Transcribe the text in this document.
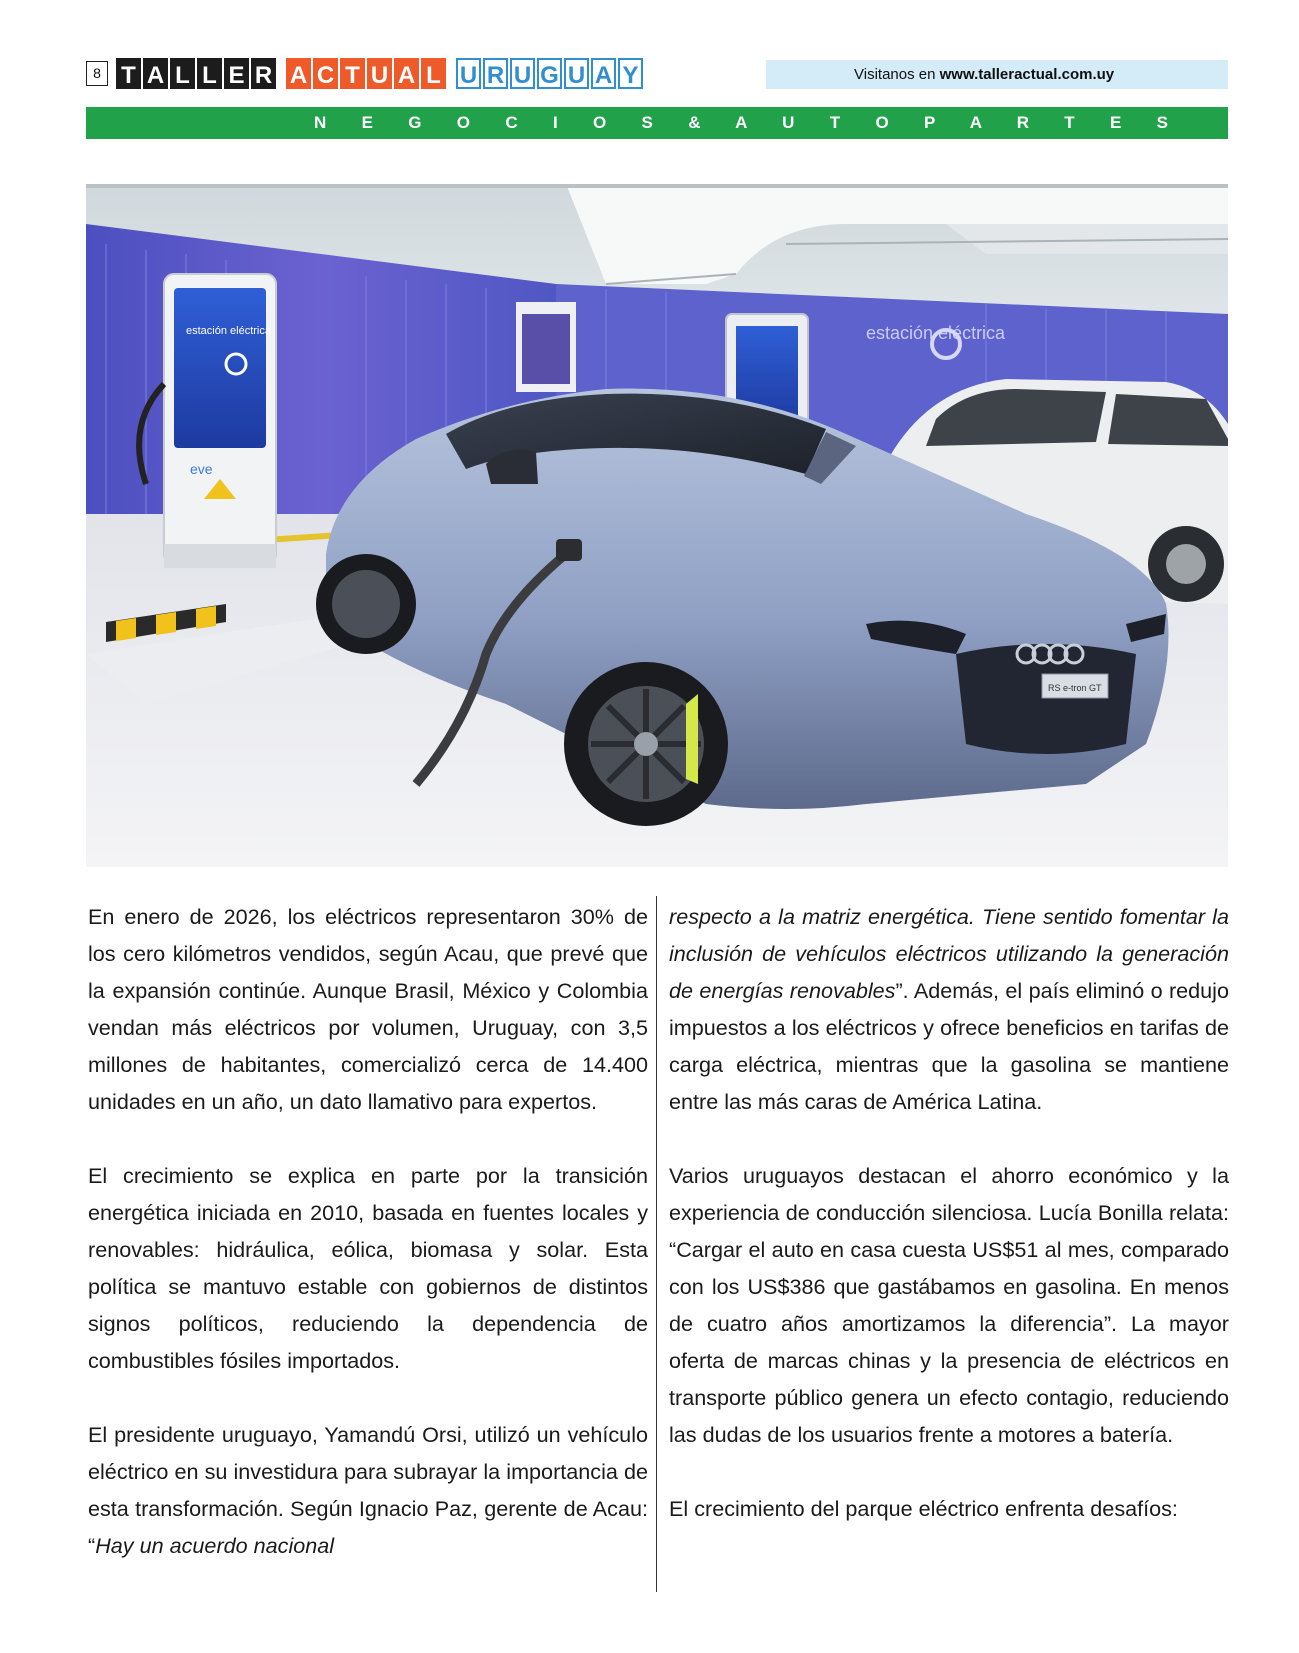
8 T A L L E R A C T U A L U R U G U A Y	Visitanos en www.talleractual.com.uy
N E G O C I O S & A U T O P A R T E S
estación eléctrica
estación eléctrica
eve
RS e-tron GT

En enero de 2026, los eléctricos representaron 30% de los cero kilómetros vendidos, según Acau, que prevé que la expansión continúe. Aunque Brasil, México y Colombia vendan más eléctricos por volumen, Uruguay, con 3,5 millones de habitantes, comercializó cerca de 14.400 unidades en un año, un dato llamativo para expertos.

El crecimiento se explica en parte por la transición energética iniciada en 2010, basada en fuentes locales y renovables: hidráulica, eólica, biomasa y solar. Esta política se mantuvo estable con gobiernos de distintos signos políticos, reduciendo la dependencia de combustibles fósiles importados.

El presidente uruguayo, Yamandú Orsi, utilizó un vehículo eléctrico en su investidura para subrayar la importancia de esta transformación. Según Ignacio Paz, gerente de Acau: “Hay un acuerdo nacional

respecto a la matriz energética. Tiene sentido fomentar la inclusión de vehículos eléctricos utilizando la generación de energías renovables”. Además, el país eliminó o redujo impuestos a los eléctricos y ofrece beneficios en tarifas de carga eléctrica, mientras que la gasolina se mantiene entre las más caras de América Latina.

Varios uruguayos destacan el ahorro económico y la experiencia de conducción silenciosa. Lucía Bonilla relata: “Cargar el auto en casa cuesta US$51 al mes, comparado con los US$386 que gastábamos en gasolina. En menos de cuatro años amortizamos la diferencia”. La mayor oferta de marcas chinas y la presencia de eléctricos en transporte público genera un efecto contagio, reduciendo las dudas de los usuarios frente a motores a batería.

El crecimiento del parque eléctrico enfrenta desafíos:
